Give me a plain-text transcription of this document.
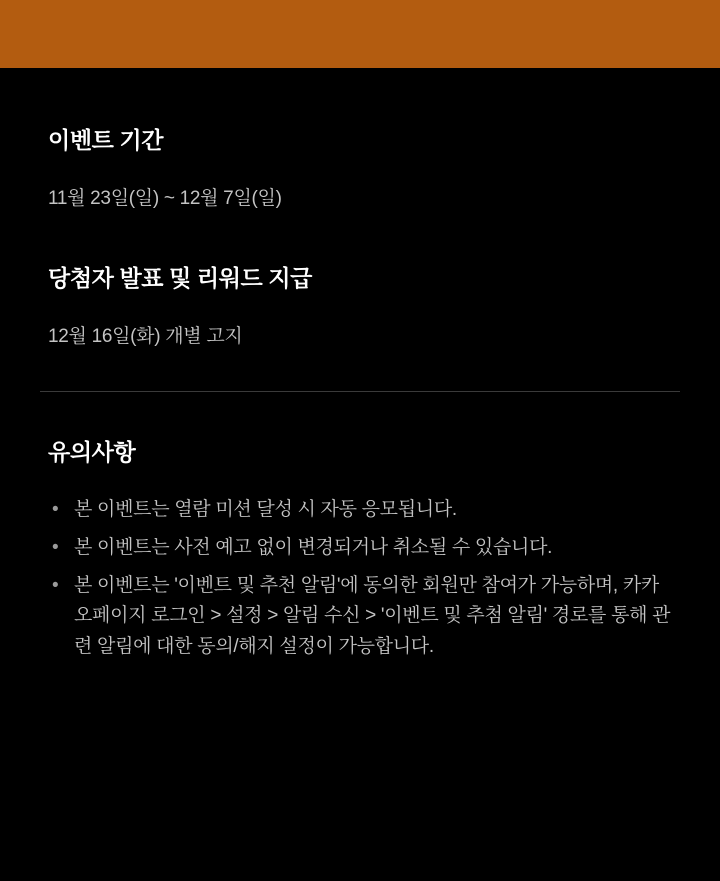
이벤트 기간

11월 23일(일) ~ 12월 7일(일)

당첨자 발표 및 리워드 지급

12월 16일(화) 개별 고지

유의사항
• 본 이벤트는 열람 미션 달성 시 자동 응모됩니다.
• 본 이벤트는 사전 예고 없이 변경되거나 취소될 수 있습니다.
• 본 이벤트는 '이벤트 및 추천 알림'에 동의한 회원만 참여가 가능하며, 카카오페이지 로그인 > 설정 > 알림 수신 > '이벤트 및 추첨 알림' 경로를 통해 관련 알림에 대한 동의/해지 설정이 가능합니다.
